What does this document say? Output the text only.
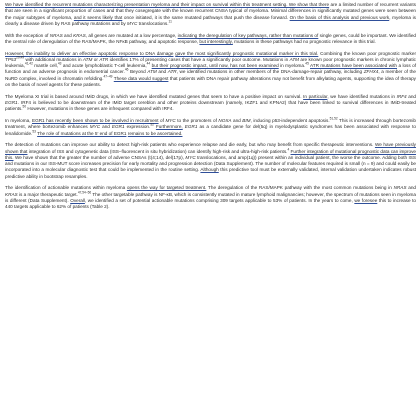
We have identified the recurrent mutations characterizing presentation myeloma and their impact on survival within this treatment setting. We show that there are a limited number of recurrent variants that are seen in a significant proportion of cases and that they cosegregate with the known recurrent CNSA typical of myeloma. Minimal differences in significantly mutated genes were seen between the major subtypes of myeloma, and it seems likely that once initiated, it is the same mutated pathways that push the disease forward. On the basis of this analysis and previous work, myeloma is clearly a disease driven by RAS pathway mutations and by MYC translocations.$^{11}$

With the exception of NRAS and KRAS, all genes are mutated at a low percentage, indicating the deregulation of key pathways, rather than mutations of single genes, could be important. We identified the central role of deregulation of the RAS/MAPK, the NFκB pathway, and apoptotic response, but interestingly, mutations in these pathways had no prognostic relevance in this trial.

However, the inability to deliver an effective apoptotic response to DNA damage gave the most significantly prognostic mutational marker in this trial. Combining the known poor prognostic marker TP53$^{29,49}$ with additional mutations in ATM or ATR identifies 17% of presenting cases that have a significantly poor outcome. Mutations in ATM are known poor prognostic markers in chronic lymphatic leukemia,$^{41,42}$ mantle cell,$^{43}$ and acute lymphoblastic T-cell leukemia,$^{44}$ but their prognostic impact, until now, has not been examined in myeloma.$^{45}$ ATR mutations have been associated with a loss of function and an adverse prognosis in endometrial cancer.$^{46}$ Beyond ATM and ATR, we identified mutations in other members of the DNA-damage-repair pathway, including ZFHX4, a member of the NuRD complex, involved in chromatin refolding.$^{47-49}$ These data would suggest that patients with DNA repair pathway alterations may not benefit from alkylating agents, supporting the idea of therapy on the basis of novel agents for these patients.

The Myeloma XI trial is based around IMiD drugs, in which we have identified mutated genes that seem to have a positive impact on survival. In particular, we have identified mutations in IRF4 and EGR1. IRF4 is believed to be downstream of the IMiD target cereblon and other proteins downstream (namely, IKZF1 and KPNA2) that have been linked to survival differences in IMiD-treated patients.$^{50}$ However, mutations in these genes are infrequent compared with IRF4.

In myeloma, EGR1 has recently been shown to be involved in recruitment of MYC to the promoters of NOXA and BIM, inducing p53-independent apoptosis.$^{51,52}$ This is increased through bortezomib treatment, where bortezomib enhances MYC and EGR1 expression.$^{52}$ Furthermore, EGR1 as a candidate gene for del(5q) in myelodysplastic syndromes has been associated with response to lenalidomide.$^{53}$ The role of mutations at the 5′ end of EGR1 remains to be ascertained.

The detection of mutations can improve our ability to detect high-risk patients who experience relapse and die early, but who may benefit from specific therapeutic interventions. We have previously shown that integration of ISS and cytogenetic data (ISS–fluorescent in situ hybridization) can identify high-risk and ultra-high-risk patients.$^4$ Further integration of mutational prognostic data can improve this. We have shown that the greater the number of adverse CNSAs (t(4;14), del(17p), MYC translocations, and amp(1q)) present within an individual patient, the worse the outcome. Adding both ISS and mutations in our ISS-MUT score increases precision for early mortality and progression detection (Data Supplement). The number of molecular features required is small (n = 9) and could easily be incorporated into a molecular diagnostic test that could be implemented in the routine setting. Although this predictive tool must be externally validated, internal validation undertaken indicates robust predictive ability in bootstrap resamples.

The identification of actionable mutations within myeloma opens the way for targeted treatment. The deregulation of the RAS/MAPK pathway with the most common mutations being in NRAS and KRAS is a major therapeutic target.$^{47,54-56}$ The other targetable pathway is NF-κB, which is consistently mutated in mature lymphoid malignancies; however, the spectrum of mutations seen in myeloma is different (Data Supplement). Overall, we identified a set of potential actionable mutations comprising 309 targets applicable to 53% of patients. In the years to come, we foresee this to increase to 440 targets applicable to 62% of patients (Table 2).
